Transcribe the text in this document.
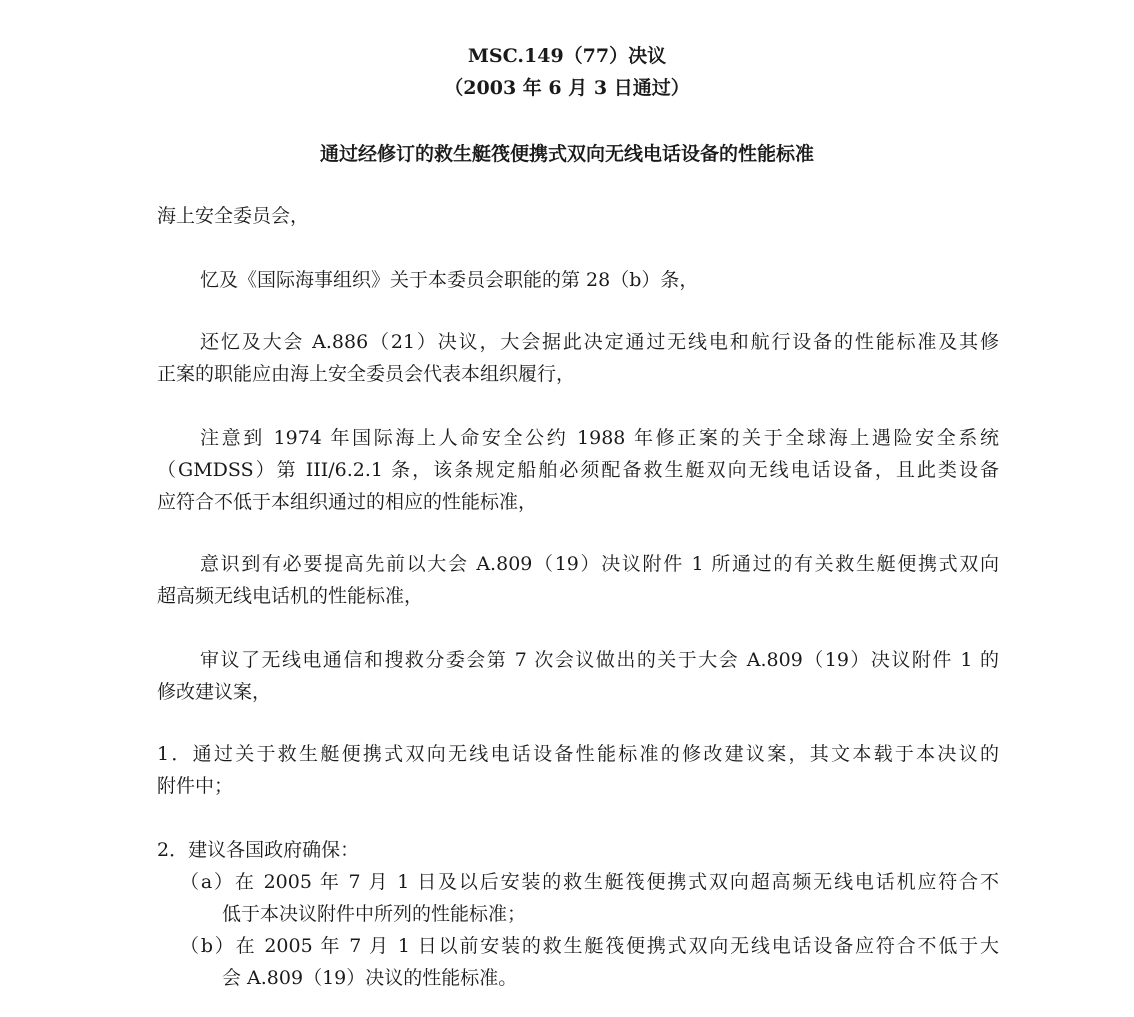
MSC.149（77）决议
（2003 年 6 月 3 日通过）
通过经修订的救生艇筏便携式双向无线电话设备的性能标准
海上安全委员会，
忆及《国际海事组织》关于本委员会职能的第 28（b）条，
还忆及大会 A.886（21）决议，大会据此决定通过无线电和航行设备的性能标准及其修
正案的职能应由海上安全委员会代表本组织履行，
注意到 1974 年国际海上人命安全公约 1988 年修正案的关于全球海上遇险安全系统
（GMDSS）第 III/6.2.1 条，该条规定船舶必须配备救生艇双向无线电话设备，且此类设备
应符合不低于本组织通过的相应的性能标准，
意识到有必要提高先前以大会 A.809（19）决议附件 1 所通过的有关救生艇便携式双向
超高频无线电话机的性能标准，
审议了无线电通信和搜救分委会第 7 次会议做出的关于大会 A.809（19）决议附件 1 的
修改建议案，
1．通过关于救生艇便携式双向无线电话设备性能标准的修改建议案，其文本载于本决议的
附件中；
2．建议各国政府确保：
（a）在 2005 年 7 月 1 日及以后安装的救生艇筏便携式双向超高频无线电话机应符合不
低于本决议附件中所列的性能标准；
（b）在 2005 年 7 月 1 日以前安装的救生艇筏便携式双向无线电话设备应符合不低于大
会 A.809（19）决议的性能标准。
